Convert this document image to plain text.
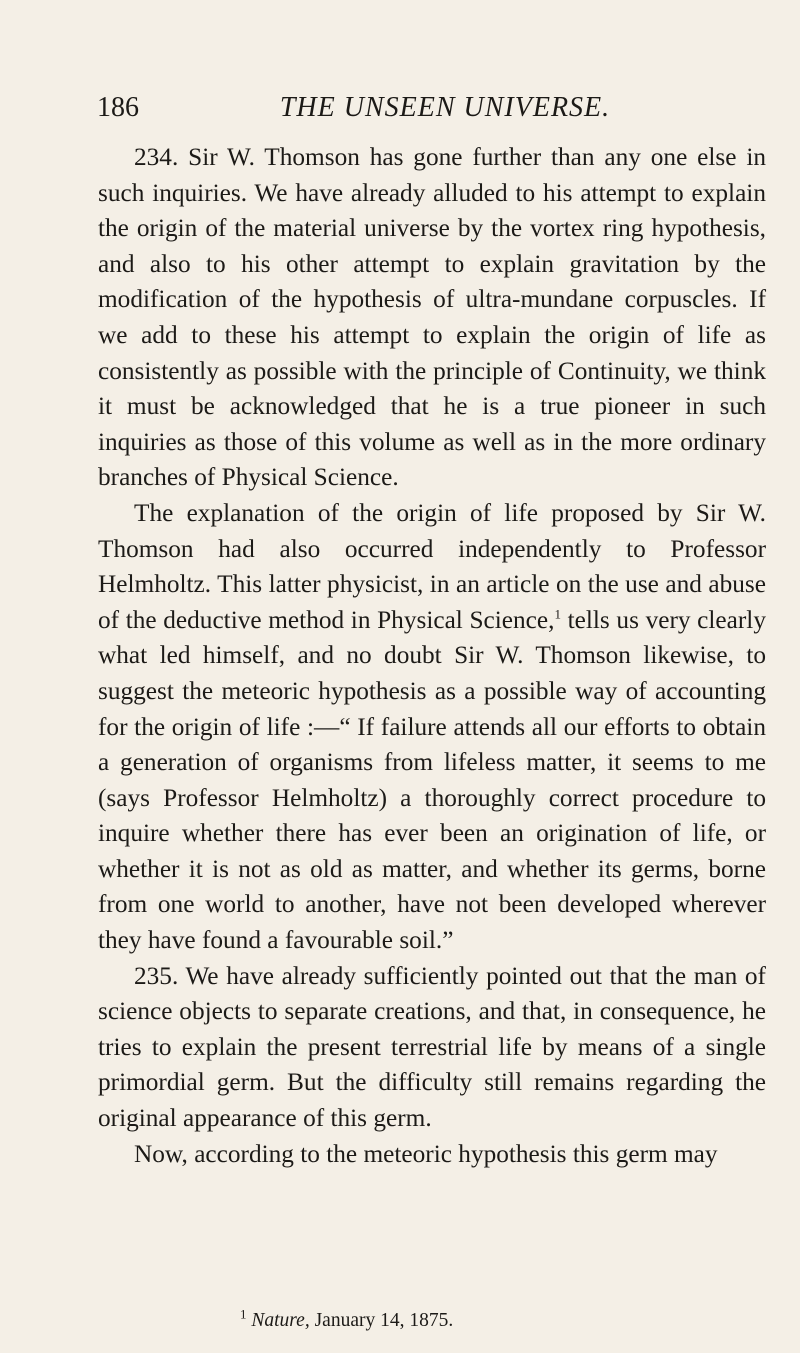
186	THE UNSEEN UNIVERSE.

234. Sir W. Thomson has gone further than any one else in such inquiries. We have already alluded to his attempt to explain the origin of the material universe by the vortex ring hypothesis, and also to his other attempt to explain gravitation by the modification of the hypothesis of ultra-mundane corpuscles. If we add to these his attempt to explain the origin of life as consistently as possible with the principle of Continuity, we think it must be acknowledged that he is a true pioneer in such inquiries as those of this volume as well as in the more ordinary branches of Physical Science.

The explanation of the origin of life proposed by Sir W. Thomson had also occurred independently to Professor Helmholtz. This latter physicist, in an article on the use and abuse of the deductive method in Physical Science,$^1$ tells us very clearly what led himself, and no doubt Sir W. Thomson likewise, to suggest the meteoric hypothesis as a possible way of accounting for the origin of life :—“ If failure attends all our efforts to obtain a generation of organisms from lifeless matter, it seems to me (says Professor Helmholtz) a thoroughly correct procedure to inquire whether there has ever been an origination of life, or whether it is not as old as matter, and whether its germs, borne from one world to another, have not been developed wherever they have found a favourable soil.”

235. We have already sufficiently pointed out that the man of science objects to separate creations, and that, in consequence, he tries to explain the present terrestrial life by means of a single primordial germ. But the difficulty still remains regarding the original appearance of this germ.

Now, according to the meteoric hypothesis this germ may

$^1$ Nature, January 14, 1875.
